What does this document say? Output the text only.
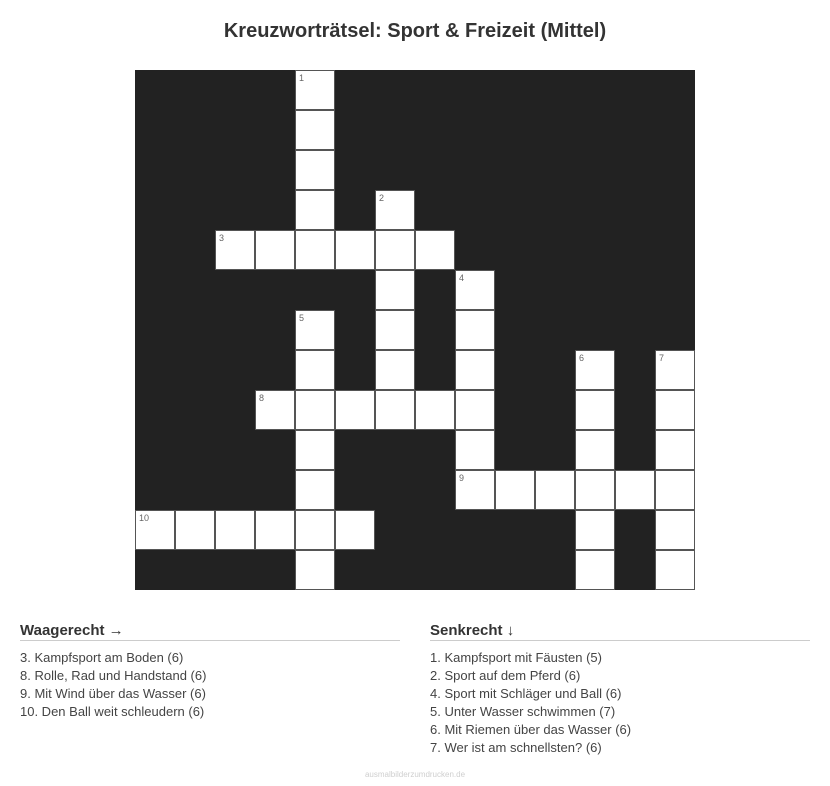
Kreuzworträtsel: Sport & Freizeit (Mittel)
1
2
3
4
5
6	7
8
9
10
Waagerecht →
3. Kampfsport am Boden (6)
8. Rolle, Rad und Handstand (6)
9. Mit Wind über das Wasser (6)
10. Den Ball weit schleudern (6)
Senkrecht ↓
1. Kampfsport mit Fäusten (5)
2. Sport auf dem Pferd (6)
4. Sport mit Schläger und Ball (6)
5. Unter Wasser schwimmen (7)
6. Mit Riemen über das Wasser (6)
7. Wer ist am schnellsten? (6)
ausmalbilderzumdrucken.de
